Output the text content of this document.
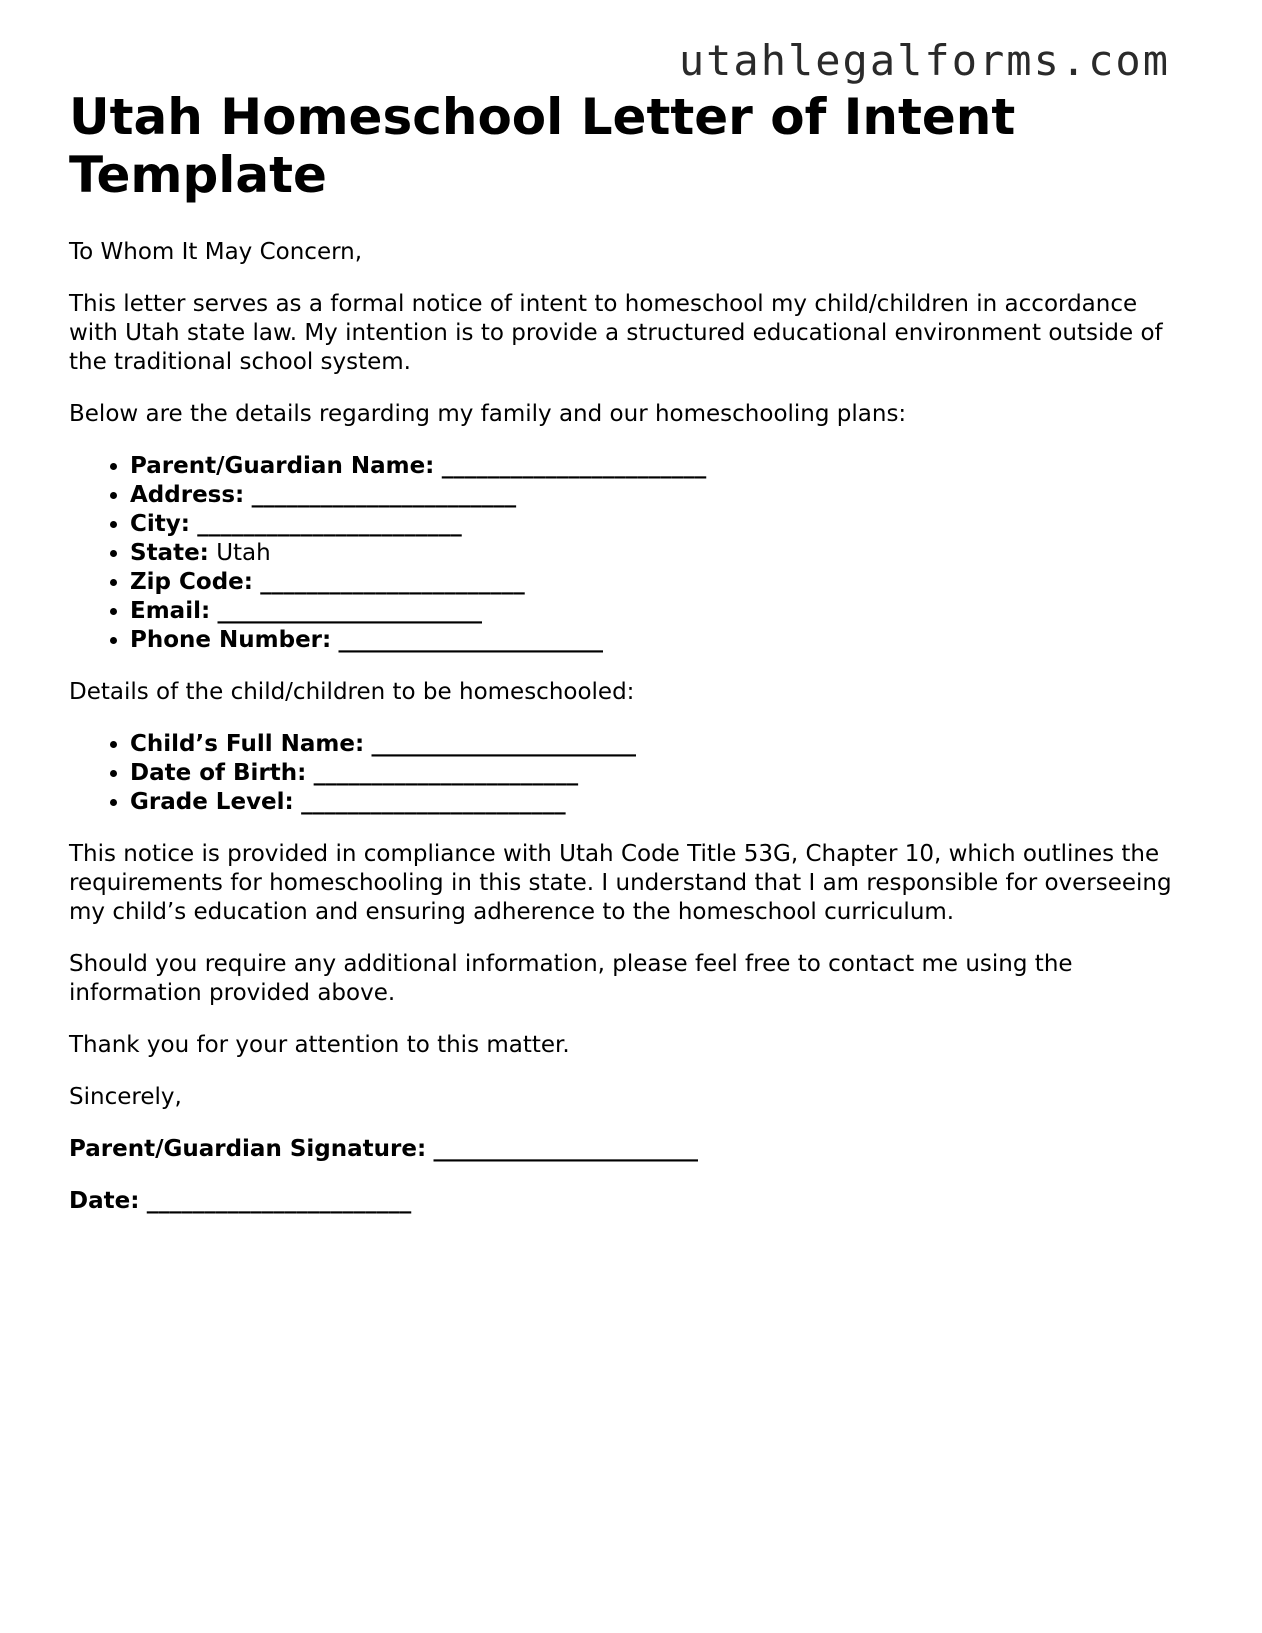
utahlegalforms.com
Utah Homeschool Letter of Intent Template

To Whom It May Concern,

This letter serves as a formal notice of intent to homeschool my child/children in accordance with Utah state law. My intention is to provide a structured educational environment outside of the traditional school system.

Below are the details regarding my family and our homeschooling plans:

• Parent/Guardian Name: _______________________
• Address: _______________________
• City: _______________________
• State: Utah
• Zip Code: _______________________
• Email: _______________________
• Phone Number: _______________________

Details of the child/children to be homeschooled:

• Child’s Full Name: _______________________
• Date of Birth: _______________________
• Grade Level: _______________________

This notice is provided in compliance with Utah Code Title 53G, Chapter 10, which outlines the requirements for homeschooling in this state. I understand that I am responsible for overseeing my child’s education and ensuring adherence to the homeschool curriculum.

Should you require any additional information, please feel free to contact me using the information provided above.

Thank you for your attention to this matter.

Sincerely,

Parent/Guardian Signature: _______________________
Date: _______________________
